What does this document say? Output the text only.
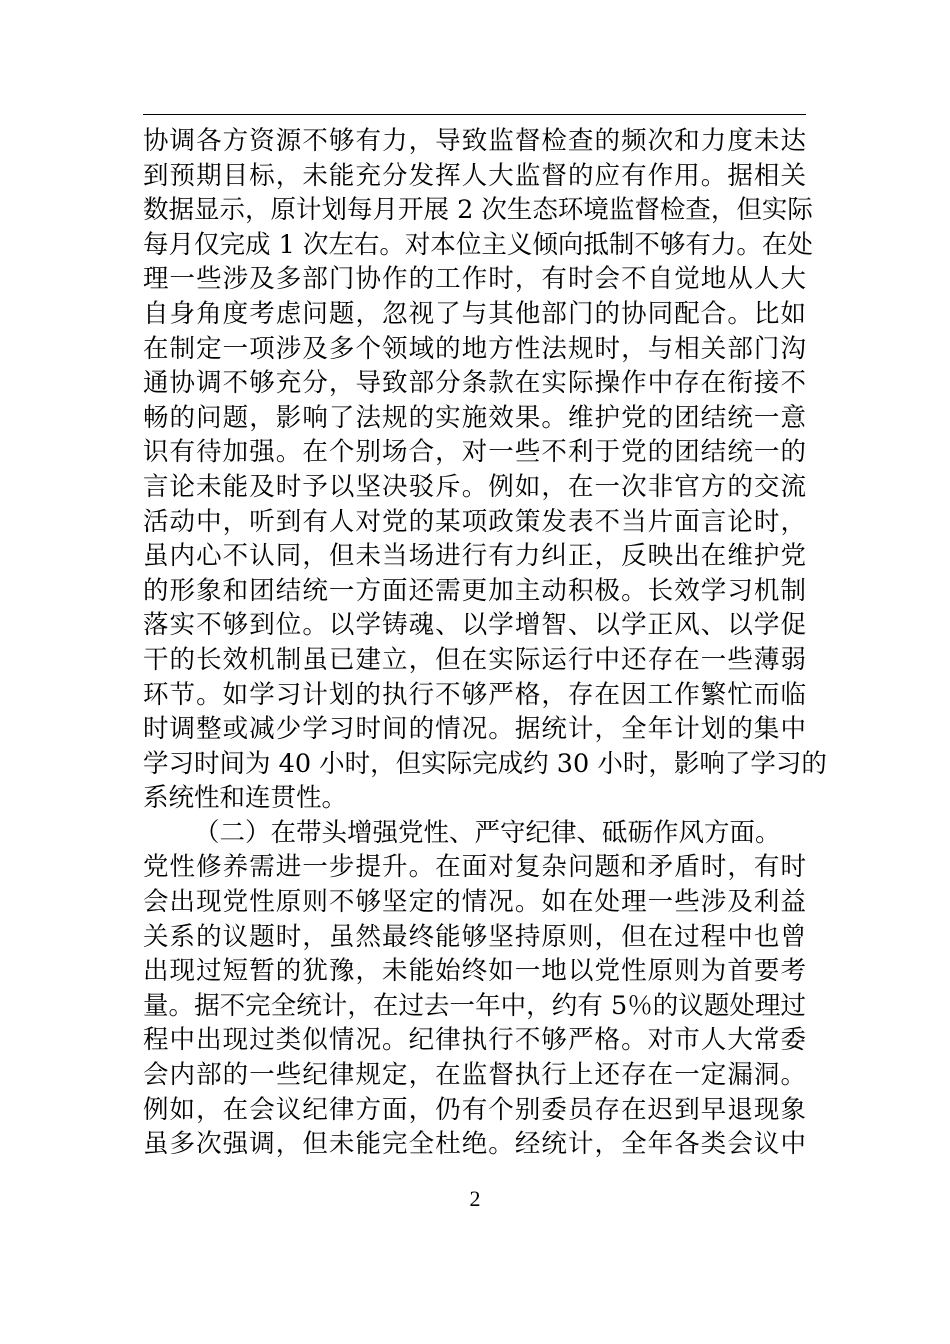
协调各方资源不够有力，导致监督检查的频次和力度未达
到预期目标，未能充分发挥人大监督的应有作用。据相关
数据显示，原计划每月开展 2 次生态环境监督检查，但实际
每月仅完成 1 次左右。对本位主义倾向抵制不够有力。在处
理一些涉及多部门协作的工作时，有时会不自觉地从人大
自身角度考虑问题，忽视了与其他部门的协同配合。比如
在制定一项涉及多个领域的地方性法规时，与相关部门沟
通协调不够充分，导致部分条款在实际操作中存在衔接不
畅的问题，影响了法规的实施效果。维护党的团结统一意
识有待加强。在个别场合，对一些不利于党的团结统一的
言论未能及时予以坚决驳斥。例如，在一次非官方的交流
活动中，听到有人对党的某项政策发表不当片面言论时，
虽内心不认同，但未当场进行有力纠正，反映出在维护党
的形象和团结统一方面还需更加主动积极。长效学习机制
落实不够到位。以学铸魂、以学增智、以学正风、以学促
干的长效机制虽已建立，但在实际运行中还存在一些薄弱
环节。如学习计划的执行不够严格，存在因工作繁忙而临
时调整或减少学习时间的情况。据统计，全年计划的集中
学习时间为 40 小时，但实际完成约 30 小时，影响了学习的
系统性和连贯性。
（二）在带头增强党性、严守纪律、砥砺作风方面。
党性修养需进一步提升。在面对复杂问题和矛盾时，有时
会出现党性原则不够坚定的情况。如在处理一些涉及利益
关系的议题时，虽然最终能够坚持原则，但在过程中也曾
出现过短暂的犹豫，未能始终如一地以党性原则为首要考
量。据不完全统计，在过去一年中，约有 5％的议题处理过
程中出现过类似情况。纪律执行不够严格。对市人大常委
会内部的一些纪律规定，在监督执行上还存在一定漏洞。
例如，在会议纪律方面，仍有个别委员存在迟到早退现象
虽多次强调，但未能完全杜绝。经统计，全年各类会议中
2
